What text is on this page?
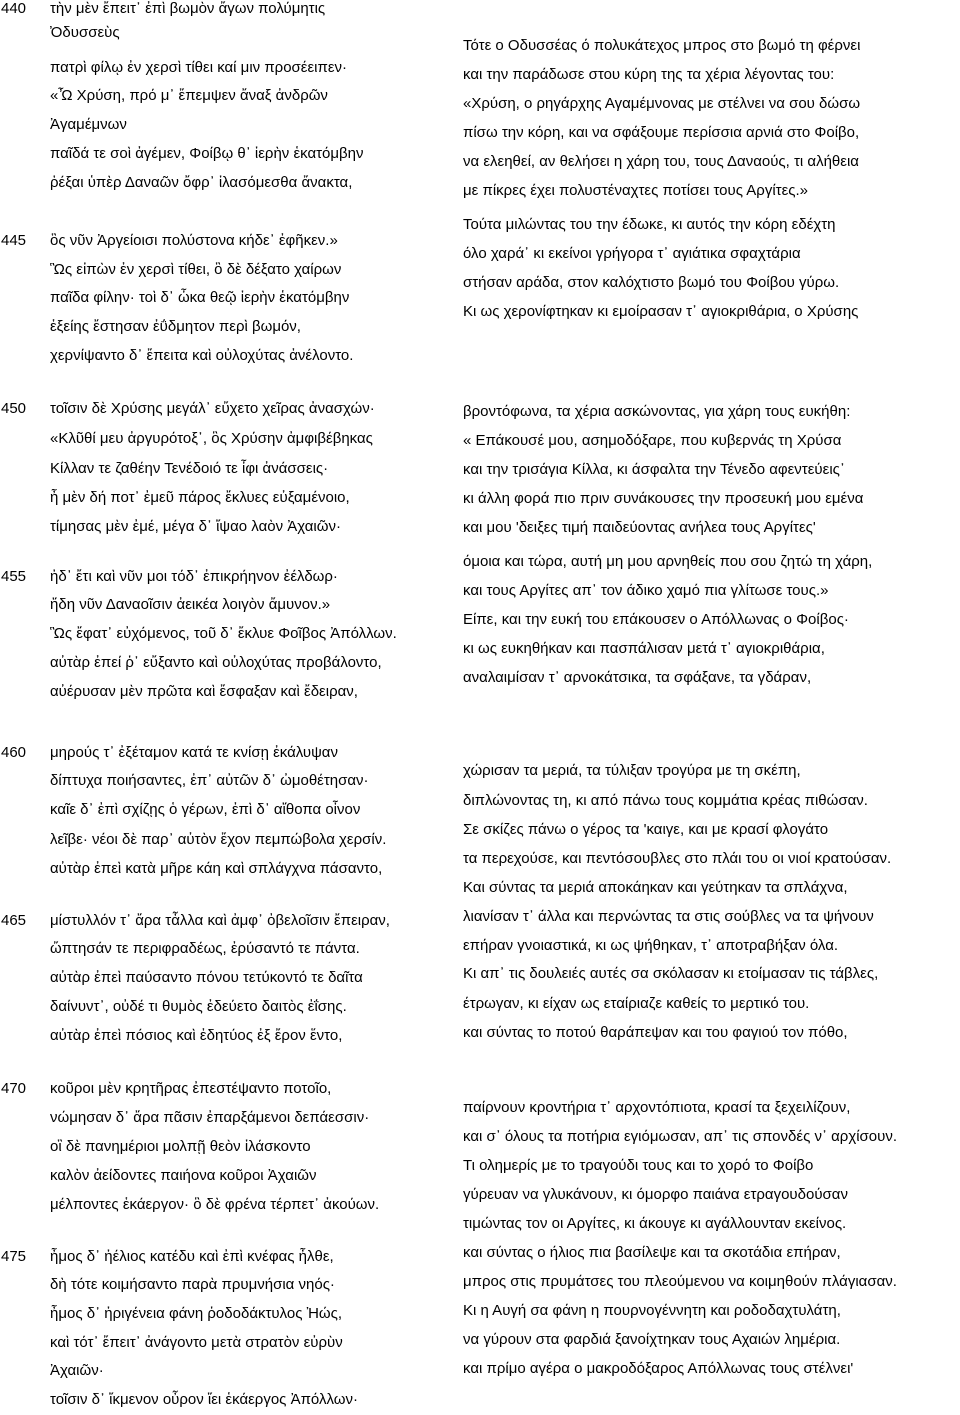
440
445
450
455
460
465
470
475
τὴν μὲν ἔπειτ᾽ ἐπὶ βωμὸν ἄγων πολύμητις
Ὀδυσσεὺς
πατρὶ φίλῳ ἐν χερσὶ τίθει καί μιν προσέειπεν·
«Ὦ Χρύση, πρό μ᾽ ἔπεμψεν ἄναξ ἀνδρῶν
Ἀγαμέμνων
παῖδά τε σοὶ ἀγέμεν, Φοίβῳ θ᾽ ἱερὴν ἑκατόμβην
ῥέξαι ὑπὲρ Δαναῶν ὄφρ᾽ ἱλασόμεσθα ἄνακτα,
ὃς νῦν Ἀργείοισι πολύστονα κήδε᾽ ἐφῆκεν.»
Ὣς εἰπὼν ἐν χερσὶ τίθει, ὃ δὲ δέξατο χαίρων
παῖδα φίλην· τοὶ δ᾽ ὦκα θεῷ ἱερὴν ἑκατόμβην
ἑξείης ἔστησαν ἐΰδμητον περὶ βωμόν,
χερνίψαντο δ᾽ ἔπειτα καὶ οὐλοχύτας ἀνέλοντο.
τοῖσιν δὲ Χρύσης μεγάλ᾽ εὔχετο χεῖρας ἀνασχών·
«Κλῦθί μευ ἀργυρότοξ᾽, ὃς Χρύσην ἀμφιβέβηκας
Κίλλαν τε ζαθέην Τενέδοιό τε ἶφι ἀνάσσεις·
ἦ μὲν δή ποτ᾽ ἐμεῦ πάρος ἔκλυες εὐξαμένοιο,
τίμησας μὲν ἐμέ, μέγα δ᾽ ἴψαο λαὸν Ἀχαιῶν·
ἠδ᾽ ἔτι καὶ νῦν μοι τόδ᾽ ἐπικρήηνον ἐέλδωρ·
ἤδη νῦν Δαναοῖσιν ἀεικέα λοιγὸν ἄμυνον.»
Ὣς ἔφατ᾽ εὐχόμενος, τοῦ δ᾽ ἔκλυε Φοῖβος Ἀπόλλων.
αὐτὰρ ἐπεί ῥ᾽ εὔξαντο καὶ οὐλοχύτας προβάλοντο,
αὐέρυσαν μὲν πρῶτα καὶ ἔσφαξαν καὶ ἔδειραν,
μηρούς τ᾽ ἐξέταμον κατά τε κνίσῃ ἐκάλυψαν
δίπτυχα ποιήσαντες, ἐπ᾽ αὐτῶν δ᾽ ὠμοθέτησαν·
καῖε δ᾽ ἐπὶ σχίζῃς ὁ γέρων, ἐπὶ δ᾽ αἴθοπα οἶνον
λεῖβε· νέοι δὲ παρ᾽ αὐτὸν ἔχον πεμπώβολα χερσίν.
αὐτὰρ ἐπεὶ κατὰ μῆρε κάη καὶ σπλάγχνα πάσαντο,
μίστυλλόν τ᾽ ἄρα τἆλλα καὶ ἀμφ᾽ ὀβελοῖσιν ἔπειραν,
ὤπτησάν τε περιφραδέως, ἐρύσαντό τε πάντα.
αὐτὰρ ἐπεὶ παύσαντο πόνου τετύκοντό τε δαῖτα
δαίνυντ᾽, οὐδέ τι θυμὸς ἐδεύετο δαιτὸς ἐΐσης.
αὐτὰρ ἐπεὶ πόσιος καὶ ἐδητύος ἐξ ἔρον ἕντο,
κοῦροι μὲν κρητῆρας ἐπεστέψαντο ποτοῖο,
νώμησαν δ᾽ ἄρα πᾶσιν ἐπαρξάμενοι δεπάεσσιν·
οἳ δὲ πανημέριοι μολπῇ θεὸν ἱλάσκοντο
καλὸν ἀείδοντες παιήονα κοῦροι Ἀχαιῶν
μέλποντες ἑκάεργον· ὃ δὲ φρένα τέρπετ᾽ ἀκούων.
ἦμος δ᾽ ἠέλιος κατέδυ καὶ ἐπὶ κνέφας ἦλθε,
δὴ τότε κοιμήσαντο παρὰ πρυμνήσια νηός·
ἦμος δ᾽ ἠριγένεια φάνη ῥοδοδάκτυλος Ἠώς,
καὶ τότ᾽ ἔπειτ᾽ ἀνάγοντο μετὰ στρατὸν εὐρὺν
Ἀχαιῶν·
τοῖσιν δ᾽ ἴκμενον οὖρον ἵει ἑκάεργος Ἀπόλλων·
Τότε ο Οδυσσέας ό πολυκάτεχος μπρος στο βωμό τη φέρνει
και την παράδωσε στου κύρη της τα χέρια λέγοντας του:
«Χρύση, ο ρηγάρχης Αγαμέμνονας με στέλνει να σου δώσω
πίσω την κόρη, και να σφάξουμε περίσσια αρνιά στο Φοίβο,
να ελεηθεί, αν θελήσει η χάρη του, τους Δαναούς, τι αλήθεια
με πίκρες έχει πολυστέναχτες ποτίσει τους Αργίτες.»
Τούτα μιλώντας του την έδωκε, κι αυτός την κόρη εδέχτη
όλο χαρά᾽ κι εκείνοι γρήγορα τ᾽ αγιάτικα σφαχτάρια
στήσαν αράδα, στον καλόχτιστο βωμό του Φοίβου γύρω.
Κι ως χερονίφτηκαν κι εμοίρασαν τ᾽ αγιοκριθάρια, ο Χρύσης
βροντόφωνα, τα χέρια ασκώνοντας, για χάρη τους ευκήθη:
« Επάκουσέ μου, ασημοδόξαρε, που κυβερνάς τη Χρύσα
και την τρισάγια Κίλλα, κι άσφαλτα την Τένεδο αφεντεύεις᾽
κι άλλη φορά πιο πριν συνάκουσες την προσευκή μου εμένα
και μου 'δειξες τιμή παιδεύοντας ανήλεα τους Αργίτες'
όμοια και τώρα, αυτή μη μου αρνηθείς που σου ζητώ τη χάρη,
και τους Αργίτες απ᾽ τον άδικο χαμό πια γλίτωσε τους.»
Είπε, και την ευκή του επάκουσεν ο Απόλλωνας ο Φοίβος·
κι ως ευκηθήκαν και πασπάλισαν μετά τ᾽ αγιοκριθάρια,
αναλαιμίσαν τ᾽ αρνοκάτσικα, τα σφάξανε, τα γδάραν,
χώρισαν τα μεριά, τα τύλιξαν τρογύρα με τη σκέπη,
διπλώνοντας τη, κι από πάνω τους κομμάτια κρέας πιθώσαν.
Σε σκίζες πάνω ο γέρος τα 'καιγε, και με κρασί φλογάτο
τα περεχούσε, και πεντόσουβλες στο πλάι του οι νιοί κρατούσαν.
Και σύντας τα μεριά αποκάηκαν και γεύτηκαν τα σπλάχνα,
λιανίσαν τ᾽ άλλα και περνώντας τα στις σούβλες να τα ψήνουν
επήραν γνοιαστικά, κι ως ψήθηκαν, τ᾽ αποτραβήξαν όλα.
Κι απ᾽ τις δουλειές αυτές σα σκόλασαν κι ετοίμασαν τις τάβλες,
έτρωγαν, κι είχαν ως εταίριαζε καθείς το μερτικό του.
και σύντας το ποτού θαράπεψαν και του φαγιού τον πόθο,
παίρνουν κροντήρια τ᾽ αρχοντόπιοτα, κρασί τα ξεχειλίζουν,
και σ᾽ όλους τα ποτήρια εγιόμωσαν, απ᾽ τις σπονδές ν᾽ αρχίσουν.
Τι ολημερίς με το τραγούδι τους και το χορό το Φοίβο
γύρευαν να γλυκάνουν, κι όμορφο παιάνα ετραγουδούσαν
τιμώντας τον οι Αργίτες, κι άκουγε κι αγάλλουνταν εκείνος.
και σύντας ο ήλιος πια βασίλεψε και τα σκοτάδια επήραν,
μπρος στις πρυμάτσες του πλεούμενου να κοιμηθούν πλάγιασαν.
Κι η Αυγή σα φάνη η πουρνογέννητη και ροδοδαχτυλάτη,
να γύρουν στα φαρδιά ξανοίχτηκαν τους Αχαιών λημέρια.
και πρίμο αγέρα ο μακροδόξαρος Απόλλωνας τους στέλνει'
